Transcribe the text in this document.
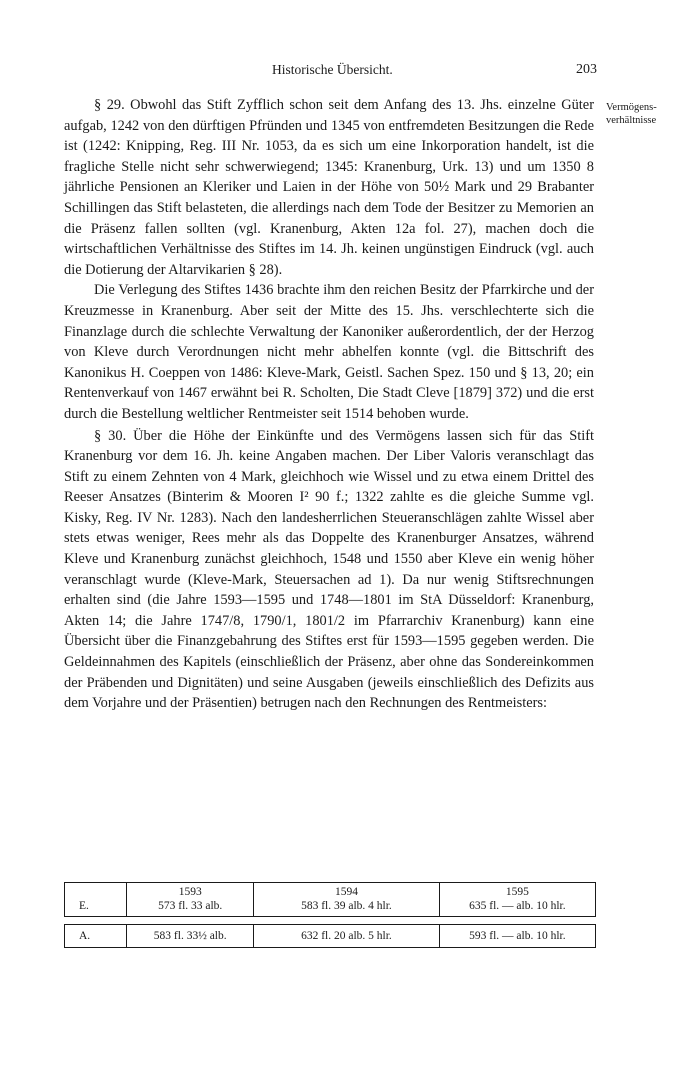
Historische Übersicht.	203
Vermögens-
verhältnisse

§ 29. Obwohl das Stift Zyfflich schon seit dem Anfang des 13. Jhs. einzelne Güter aufgab, 1242 von den dürftigen Pfründen und 1345 von entfremdeten Besitzungen die Rede ist (1242: Knipping, Reg. III Nr. 1053, da es sich um eine Inkorporation handelt, ist die fragliche Stelle nicht sehr schwerwiegend; 1345: Kranenburg, Urk. 13) und um 1350 8 jährliche Pensionen an Kleriker und Laien in der Höhe von 50½ Mark und 29 Brabanter Schillingen das Stift belasteten, die allerdings nach dem Tode der Besitzer zu Memorien an die Präsenz fallen sollten (vgl. Kranenburg, Akten 12a fol. 27), machen doch die wirtschaftlichen Verhältnisse des Stiftes im 14. Jh. keinen ungünstigen Eindruck (vgl. auch die Dotierung der Altarvikarien § 28).

Die Verlegung des Stiftes 1436 brachte ihm den reichen Besitz der Pfarrkirche und der Kreuzmesse in Kranenburg. Aber seit der Mitte des 15. Jhs. verschlechterte sich die Finanzlage durch die schlechte Verwaltung der Kanoniker außerordentlich, der der Herzog von Kleve durch Verordnungen nicht mehr abhelfen konnte (vgl. die Bittschrift des Kanonikus H. Coeppen von 1486: Kleve-Mark, Geistl. Sachen Spez. 150 und § 13, 20; ein Rentenverkauf von 1467 erwähnt bei R. Scholten, Die Stadt Cleve [1879] 372) und die erst durch die Bestellung weltlicher Rentmeister seit 1514 behoben wurde.

§ 30. Über die Höhe der Einkünfte und des Vermögens lassen sich für das Stift Kranenburg vor dem 16. Jh. keine Angaben machen. Der Liber Valoris veranschlagt das Stift zu einem Zehnten von 4 Mark, gleichhoch wie Wissel und zu etwa einem Drittel des Reeser Ansatzes (Binterim & Mooren I² 90 f.; 1322 zahlte es die gleiche Summe vgl. Kisky, Reg. IV Nr. 1283). Nach den landesherrlichen Steueranschlägen zahlte Wissel aber stets etwas weniger, Rees mehr als das Doppelte des Kranenburger Ansatzes, während Kleve und Kranenburg zunächst gleichhoch, 1548 und 1550 aber Kleve ein wenig höher veranschlagt wurde (Kleve-Mark, Steuersachen ad 1). Da nur wenig Stiftsrechnungen erhalten sind (die Jahre 1593—1595 und 1748—1801 im StA Düsseldorf: Kranenburg, Akten 14; die Jahre 1747/8, 1790/1, 1801/2 im Pfarrarchiv Kranenburg) kann eine Übersicht über die Finanzgebahrung des Stiftes erst für 1593—1595 gegeben werden. Die Geldeinnahmen des Kapitels (einschließlich der Präsenz, aber ohne das Sondereinkommen der Präbenden und Dignitäten) und seine Ausgaben (jeweils einschließlich des Defizits aus dem Vorjahre und der Präsentien) betrugen nach den Rechnungen des Rentmeisters:

	1593	1594	1595
E.	573 fl. 33 alb.	583 fl. 39 alb. 4 hlr.	635 fl. — alb. 10 hlr.

A.	583 fl. 33½ alb.	632 fl. 20 alb. 5 hlr.	593 fl. — alb. 10 hlr.
